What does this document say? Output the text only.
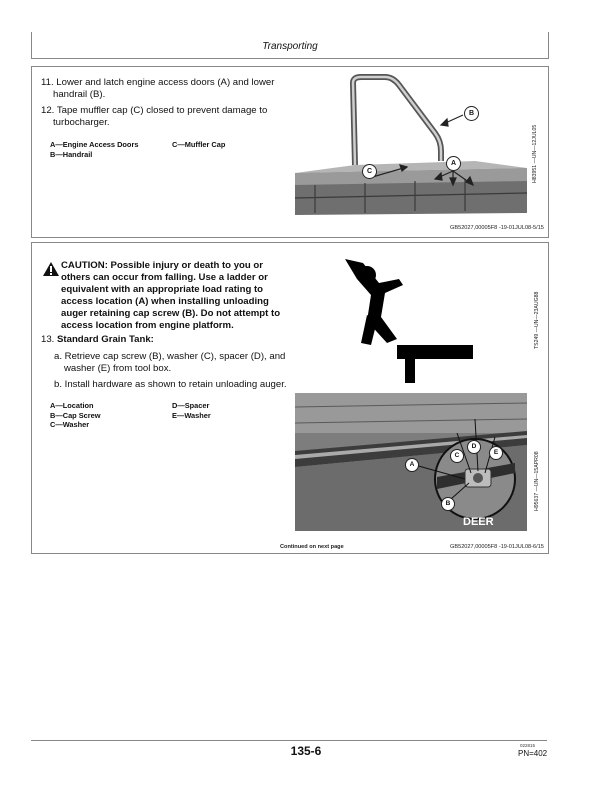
Transporting

11. Lower and latch engine access doors (A) and lower handrail (B).

12. Tape muffler cap (C) closed to prevent damage to turbocharger.

A—Engine Access Doors
B—Handrail
C—Muffler Cap
B
A
C	H83951 —UN—12JUL05
GB52027,00005F8 -19-01JUL08-5/15
CAUTION: Possible injury or death to you or others can occur from falling. Use a ladder or equivalent with an appropriate load rating to access location (A) when installing unloading auger retaining cap screw (B). Do not attempt to access location from engine platform.

13. Standard Grain Tank:

a. Retrieve cap screw (B), washer (C), spacer (D), and washer (E) from tool box.

b. Install hardware as shown to retain unloading auger.

A—Location
B—Cap Screw
C—Washer
D—Spacer
E—Washer
TS249 —UN—23AUG88
DEER
A
D
C	E
B	H95637 —UN—15APR08
Continued on next page	GB52027,00005F8 -19-01JUL08-6/15
135-6	022815
PN=402
